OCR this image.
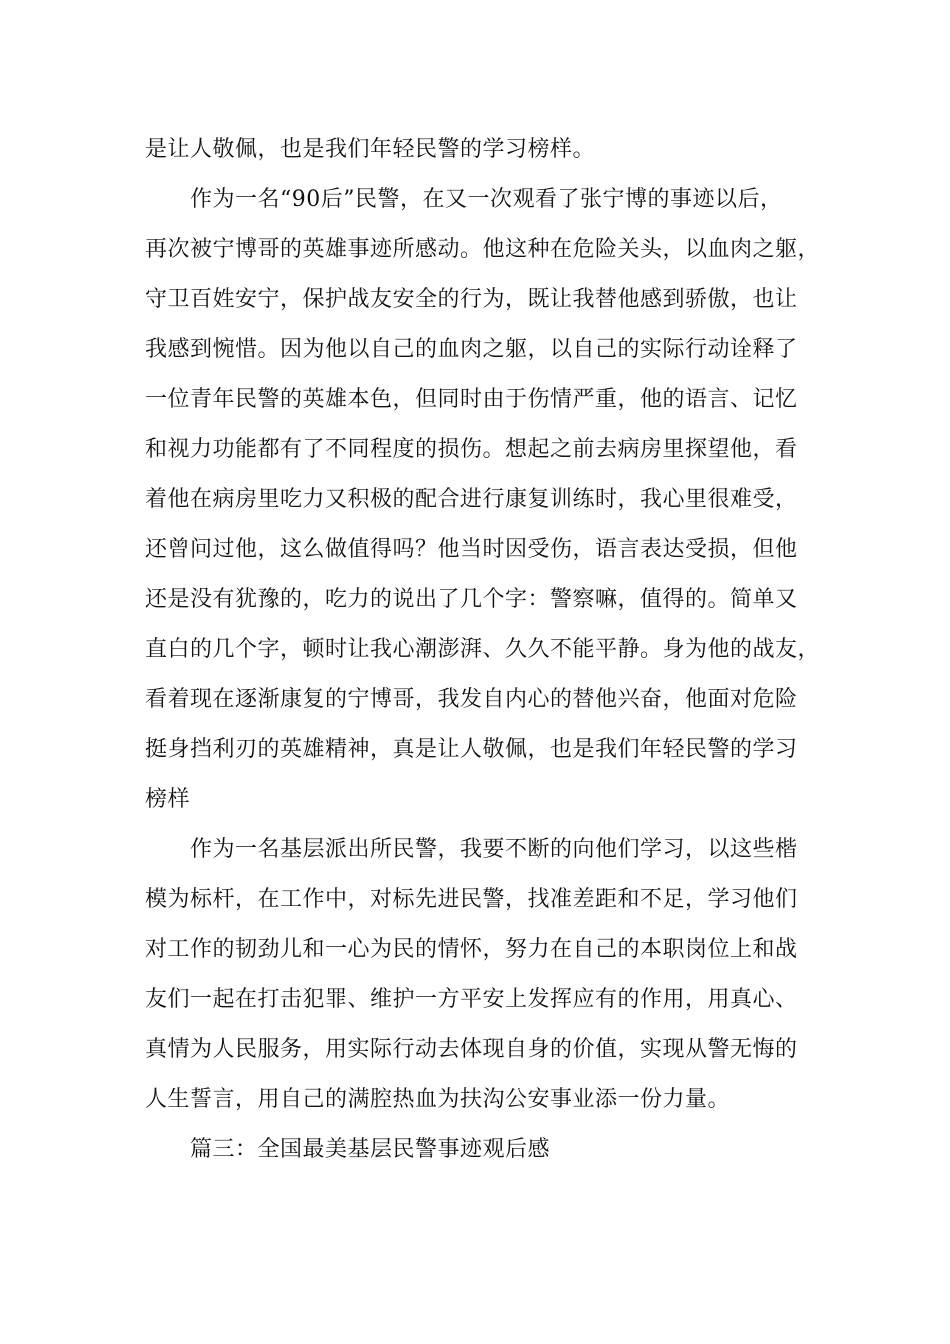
是让人敬佩，也是我们年轻民警的学习榜样。
作为一名“90后”民警，在又一次观看了张宁博的事迹以后，
再次被宁博哥的英雄事迹所感动。他这种在危险关头，以血肉之躯，
守卫百姓安宁，保护战友安全的行为，既让我替他感到骄傲，也让
我感到惋惜。因为他以自己的血肉之躯，以自己的实际行动诠释了
一位青年民警的英雄本色，但同时由于伤情严重，他的语言、记忆
和视力功能都有了不同程度的损伤。想起之前去病房里探望他，看
着他在病房里吃力又积极的配合进行康复训练时，我心里很难受，
还曾问过他，这么做值得吗？他当时因受伤，语言表达受损，但他
还是没有犹豫的，吃力的说出了几个字：警察嘛，值得的。简单又
直白的几个字，顿时让我心潮澎湃、久久不能平静。身为他的战友，
看着现在逐渐康复的宁博哥，我发自内心的替他兴奋，他面对危险
挺身挡利刃的英雄精神，真是让人敬佩，也是我们年轻民警的学习
榜样
作为一名基层派出所民警，我要不断的向他们学习，以这些楷
模为标杆，在工作中，对标先进民警，找准差距和不足，学习他们
对工作的韧劲儿和一心为民的情怀，努力在自己的本职岗位上和战
友们一起在打击犯罪、维护一方平安上发挥应有的作用，用真心、
真情为人民服务，用实际行动去体现自身的价值，实现从警无悔的
人生誓言，用自己的满腔热血为扶沟公安事业添一份力量。
篇三：全国最美基层民警事迹观后感
